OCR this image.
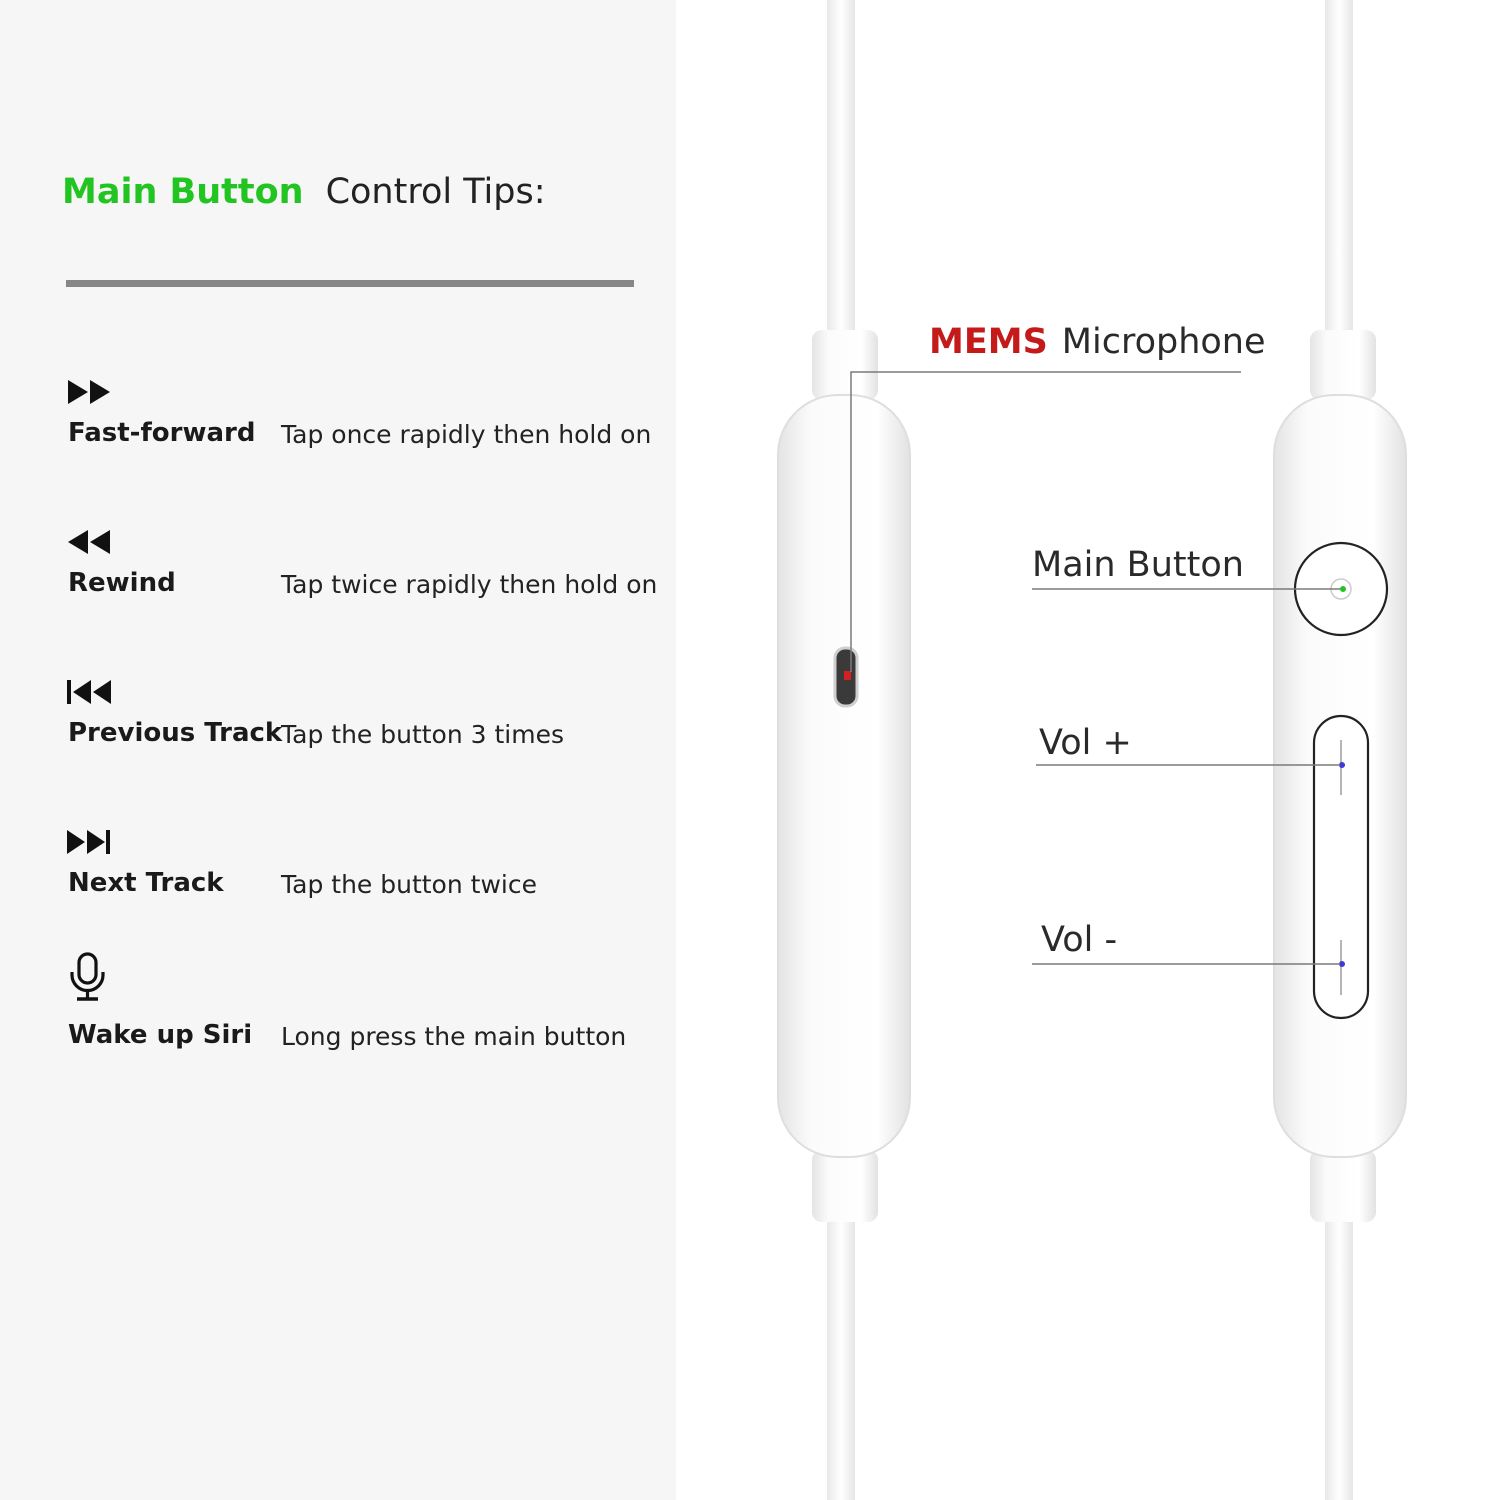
Main Button Control Tips:
Fast-forward Tap once rapidly then hold on
Rewind	Tap twice rapidly then hold on
Previous Track
Tap the button 3 times
Next Track Tap the button twice
Wake up Siri Long press the main button
MEMS Microphone
Main Button
Vol +
Vol -
